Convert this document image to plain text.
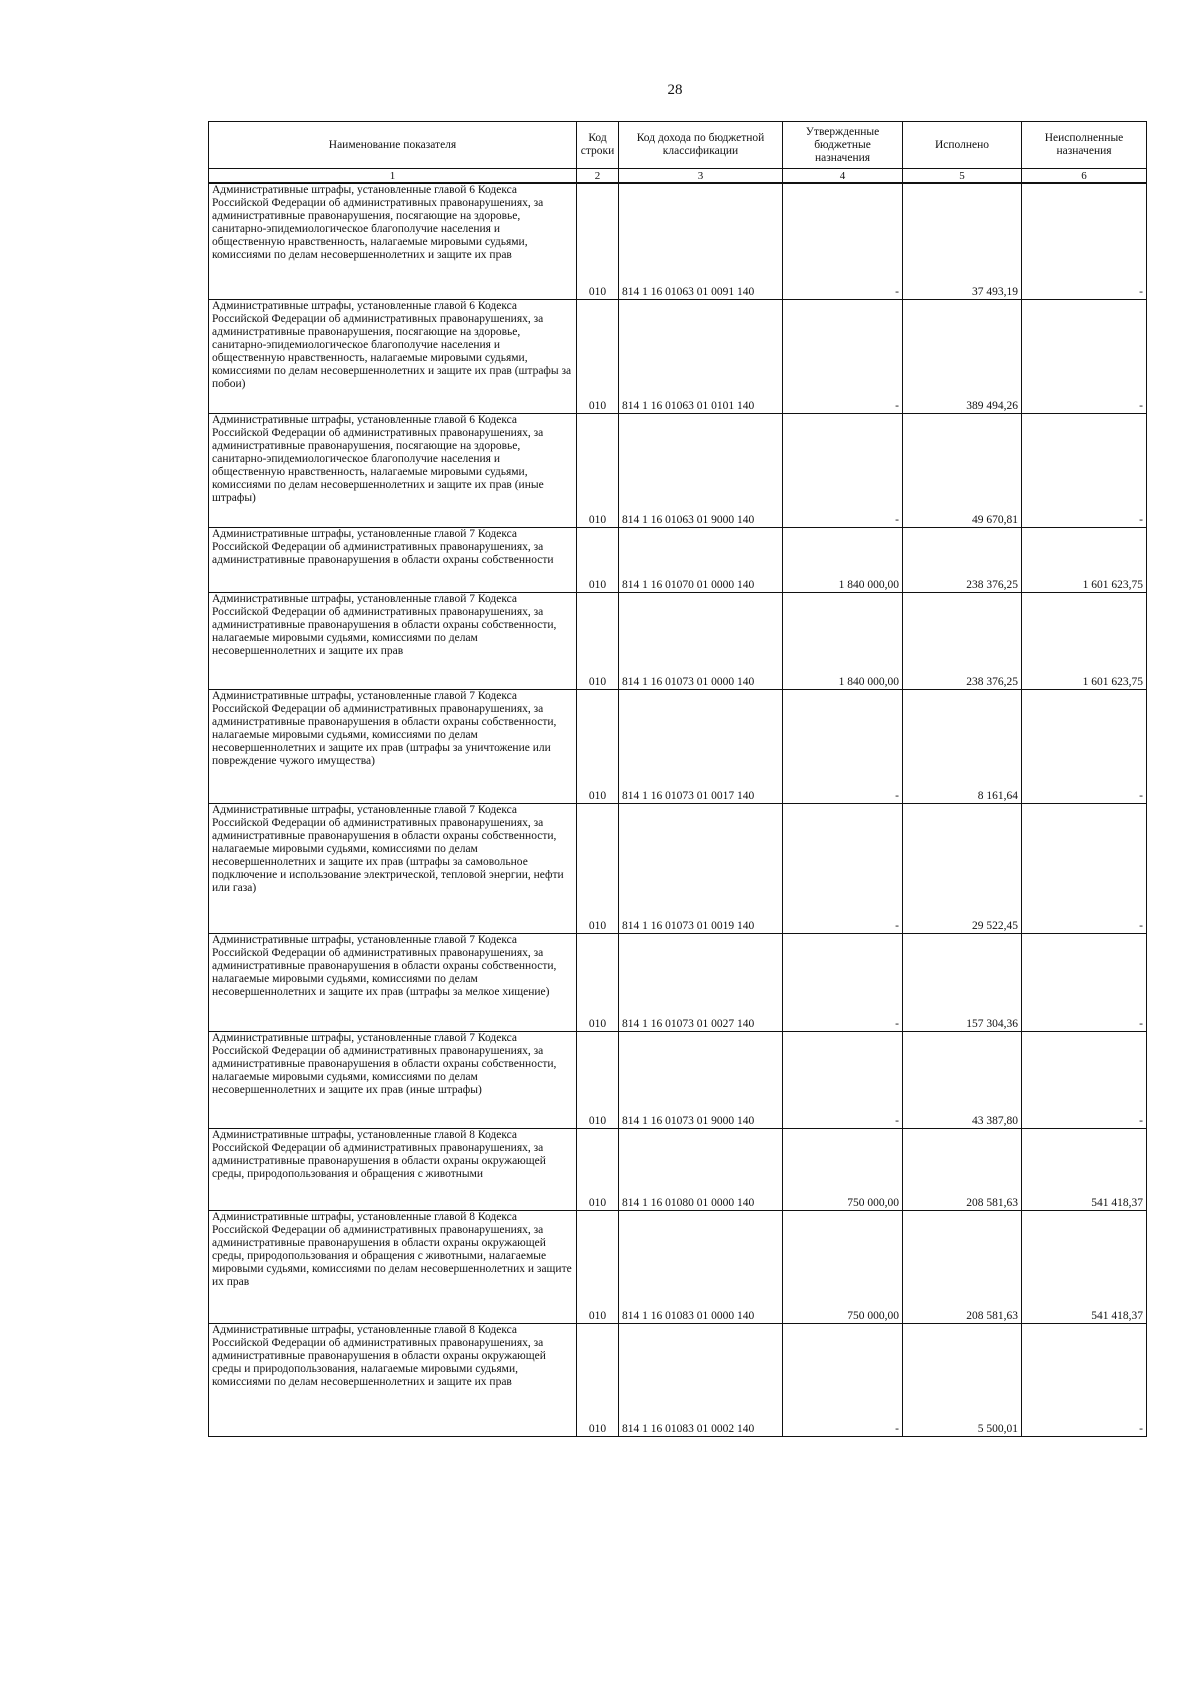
28
Наименование показателя	Код строки	Код дохода по бюджетной классификации	Утвержденные бюджетные назначения	Исполнено	Неисполненные назначения
1	2	3	4	5	6
Административные штрафы, установленные главой 6 Кодекса Российской Федерации об административных правонарушениях, за административные правонарушения, посягающие на здоровье, санитарно-эпидемиологическое благополучие населения и общественную нравственность, налагаемые мировыми судьями, комиссиями по делам несовершеннолетних и защите их прав	010	814 1 16 01063 01 0091 140	-	37 493,19	-
Административные штрафы, установленные главой 6 Кодекса Российской Федерации об административных правонарушениях, за административные правонарушения, посягающие на здоровье, санитарно-эпидемиологическое благополучие населения и общественную нравственность, налагаемые мировыми судьями, комиссиями по делам несовершеннолетних и защите их прав (штрафы за побои)	010	814 1 16 01063 01 0101 140	-	389 494,26	-
Административные штрафы, установленные главой 6 Кодекса Российской Федерации об административных правонарушениях, за административные правонарушения, посягающие на здоровье, санитарно-эпидемиологическое благополучие населения и общественную нравственность, налагаемые мировыми судьями, комиссиями по делам несовершеннолетних и защите их прав (иные штрафы)	010	814 1 16 01063 01 9000 140	-	49 670,81	-
Административные штрафы, установленные главой 7 Кодекса Российской Федерации об административных правонарушениях, за административные правонарушения в области охраны собственности	010	814 1 16 01070 01 0000 140	1 840 000,00	238 376,25	1 601 623,75
Административные штрафы, установленные главой 7 Кодекса Российской Федерации об административных правонарушениях, за административные правонарушения в области охраны собственности, налагаемые мировыми судьями, комиссиями по делам несовершеннолетних и защите их прав	010	814 1 16 01073 01 0000 140	1 840 000,00	238 376,25	1 601 623,75
Административные штрафы, установленные главой 7 Кодекса Российской Федерации об административных правонарушениях, за административные правонарушения в области охраны собственности, налагаемые мировыми судьями, комиссиями по делам несовершеннолетних и защите их прав (штрафы за уничтожение или повреждение чужого имущества)	010	814 1 16 01073 01 0017 140	-	8 161,64	-
Административные штрафы, установленные главой 7 Кодекса Российской Федерации об административных правонарушениях, за административные правонарушения в области охраны собственности, налагаемые мировыми судьями, комиссиями по делам несовершеннолетних и защите их прав (штрафы за самовольное подключение и использование электрической, тепловой энергии, нефти или газа)	010	814 1 16 01073 01 0019 140	-	29 522,45	-
Административные штрафы, установленные главой 7 Кодекса Российской Федерации об административных правонарушениях, за административные правонарушения в области охраны собственности, налагаемые мировыми судьями, комиссиями по делам несовершеннолетних и защите их прав (штрафы за мелкое хищение)	010	814 1 16 01073 01 0027 140	-	157 304,36	-
Административные штрафы, установленные главой 7 Кодекса Российской Федерации об административных правонарушениях, за административные правонарушения в области охраны собственности, налагаемые мировыми судьями, комиссиями по делам несовершеннолетних и защите их прав (иные штрафы)	010	814 1 16 01073 01 9000 140	-	43 387,80	-
Административные штрафы, установленные главой 8 Кодекса Российской Федерации об административных правонарушениях, за административные правонарушения в области охраны окружающей среды, природопользования и обращения с животными	010	814 1 16 01080 01 0000 140	750 000,00	208 581,63	541 418,37
Административные штрафы, установленные главой 8 Кодекса Российской Федерации об административных правонарушениях, за административные правонарушения в области охраны окружающей среды, природопользования и обращения с животными, налагаемые мировыми судьями, комиссиями по делам несовершеннолетних и защите их прав	010	814 1 16 01083 01 0000 140	750 000,00	208 581,63	541 418,37
Административные штрафы, установленные главой 8 Кодекса Российской Федерации об административных правонарушениях, за административные правонарушения в области охраны окружающей среды и природопользования, налагаемые мировыми судьями, комиссиями по делам несовершеннолетних и защите их прав	010	814 1 16 01083 01 0002 140	-	5 500,01	-
